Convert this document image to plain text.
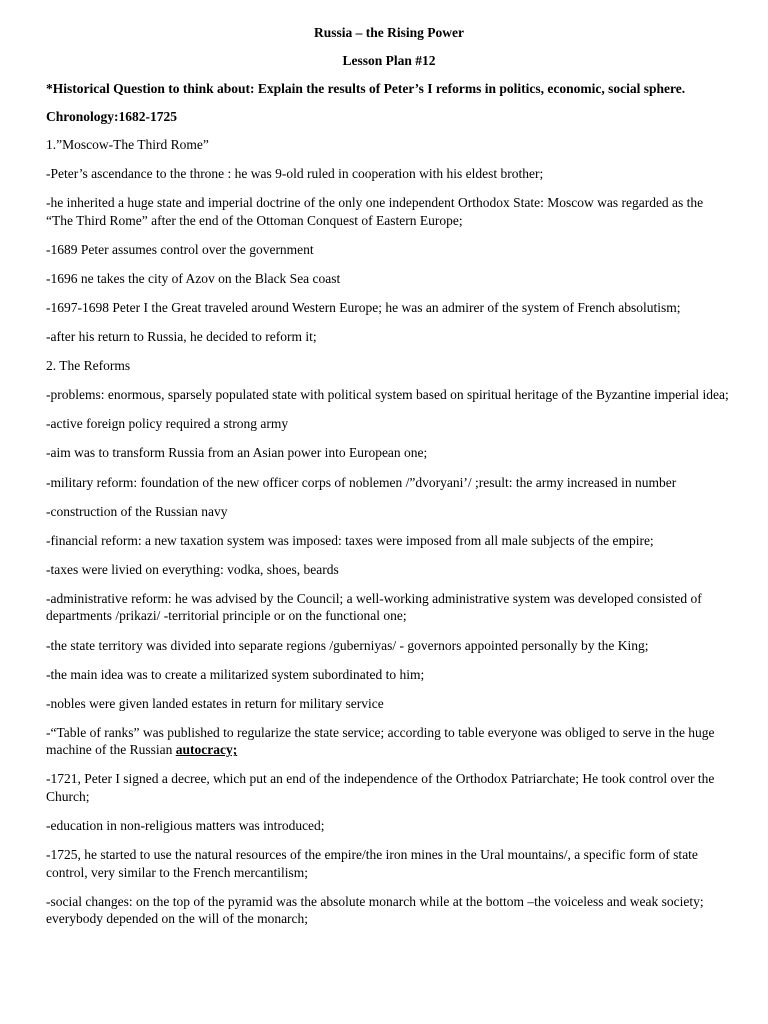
Russia – the Rising Power
Lesson Plan #12
*Historical Question to think about: Explain the results of Peter’s I reforms in politics, economic, social sphere.
Chronology:1682-1725
1.”Moscow-The Third Rome”
-Peter’s ascendance to the throne : he was 9-old ruled in cooperation with his eldest brother;
-he inherited a huge state and imperial doctrine of the only one independent Orthodox State: Moscow was regarded as the “The Third Rome” after the end of the Ottoman Conquest of Eastern Europe;
-1689 Peter assumes control over the government
-1696 ne takes the city of Azov on the Black Sea coast
-1697-1698 Peter I the Great traveled around Western Europe; he was an admirer of the system of French absolutism;
-after his return to Russia, he decided to reform it;
2. The Reforms
-problems: enormous, sparsely populated state with political system based on spiritual heritage of the Byzantine imperial idea;
-active foreign policy required a strong army
-aim was to transform Russia from an Asian power into European one;
-military reform: foundation of the new officer corps of noblemen /”dvoryani’/ ;result: the army increased in number
-construction of the Russian navy
-financial reform: a new taxation system was imposed: taxes were imposed from all male subjects of the empire;
-taxes were livied on everything: vodka, shoes, beards
-administrative reform: he was advised by the Council; a well-working administrative system was developed consisted of departments /prikazi/ -territorial principle or on the functional one;
-the state territory was divided into separate regions /guberniyas/ - governors appointed personally by the King;
-the main idea was to create a militarized system subordinated to him;
-nobles were given landed estates in return for military service
-“Table of ranks” was published to regularize the state service; according to table everyone was obliged to serve in the huge machine of the Russian autocracy;
-1721, Peter I signed a decree, which put an end of the independence of the Orthodox Patriarchate; He took control over the Church;
-education in non-religious matters was introduced;
-1725, he started to use the natural resources of the empire/the iron mines in the Ural mountains/, a specific form of state control, very similar to the French mercantilism;
-social changes: on the top of the pyramid was the absolute monarch while at the bottom –the voiceless and weak society; everybody depended on the will of the monarch;
